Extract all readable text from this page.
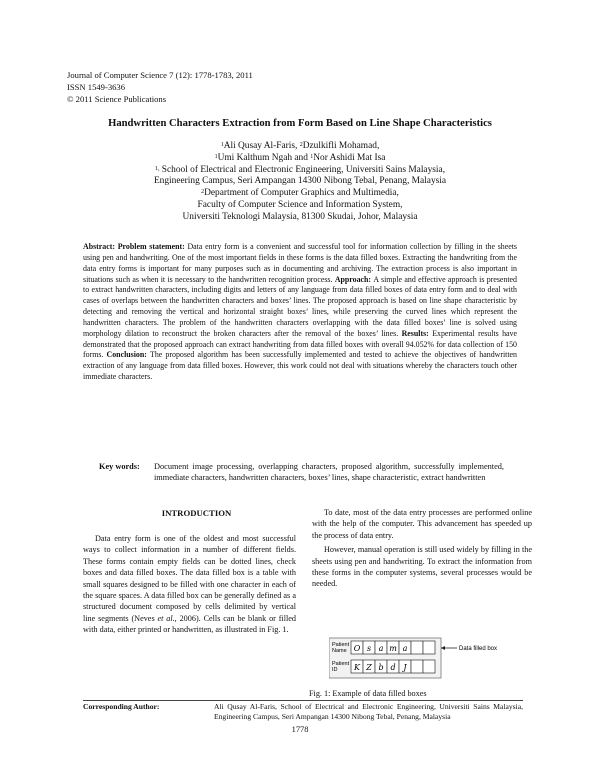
Journal of Computer Science 7 (12): 1778-1783, 2011
ISSN 1549-3636
© 2011 Science Publications
Handwritten Characters Extraction from Form Based on Line Shape Characteristics
$^1$Ali Qusay Al-Faris, $^2$Dzulkifli Mohamad,
$^1$Umi Kalthum Ngah and $^1$Nor Ashidi Mat Isa
$^{1,}$ School of Electrical and Electronic Engineering, Universiti Sains Malaysia,
Engineering Campus, Seri Ampangan 14300 Nibong Tebal, Penang, Malaysia
$^2$Department of Computer Graphics and Multimedia,
Faculty of Computer Science and Information System,
Universiti Teknologi Malaysia, 81300 Skudai, Johor, Malaysia
Abstract: Problem statement: Data entry form is a convenient and successful tool for information collection by filling in the sheets using pen and handwriting. One of the most important fields in these forms is the data filled boxes. Extracting the handwriting from the data entry forms is important for many purposes such as in documenting and archiving. The extraction process is also important in situations such as when it is necessary to the handwritten recognition process. Approach: A simple and effective approach is presented to extract handwritten characters, including digits and letters of any language from data filled boxes of data entry form and to deal with cases of overlaps between the handwritten characters and boxes’ lines. The proposed approach is based on line shape characteristic by detecting and removing the vertical and horizontal straight boxes’ lines, while preserving the curved lines which represent the handwritten characters. The problem of the handwritten characters overlapping with the data filled boxes’ line is solved using morphology dilation to reconstruct the broken characters after the removal of the boxes’ lines. Results: Experimental results have demonstrated that the proposed approach can extract handwriting from data filled boxes with overall 94.052% for data collection of 150 forms. Conclusion: The proposed algorithm has been successfully implemented and tested to achieve the objectives of handwritten extraction of any language from data filled boxes. However, this work could not deal with situations whereby the characters touch other immediate characters.
Key words: Document image processing, overlapping characters, proposed algorithm, successfully implemented, immediate characters, handwritten characters, boxes’ lines, shape characteristic, extract handwritten
INTRODUCTION

Data entry form is one of the oldest and most successful ways to collect information in a number of different fields. These forms contain empty fields can be dotted lines, check boxes and data filled boxes. The data filled box is a table with small squares designed to be filled with one character in each of the square spaces. A data filled box can be generally defined as a structured document composed by cells delimited by vertical line segments (Neves et al., 2006). Cells can be blank or filled with data, either printed or handwritten, as illustrated in Fig. 1.

To date, most of the data entry processes are performed online with the help of the computer. This advancement has speeded up the process of data entry.

However, manual operation is still used widely by filling in the sheets using pen and handwriting. To extract the information from these forms in the computer systems, several processes would be needed.

Patient
Name
Patient
ID
O s a m a
K Z b d J
Data filled box
Fig. 1: Example of data filled boxes
Corresponding Author:	Ali Qusay Al-Faris, School of Electrical and Electronic Engineering, Universiti Sains Malaysia, Engineering Campus, Seri Ampangan 14300 Nibong Tebal, Penang, Malaysia
1778
